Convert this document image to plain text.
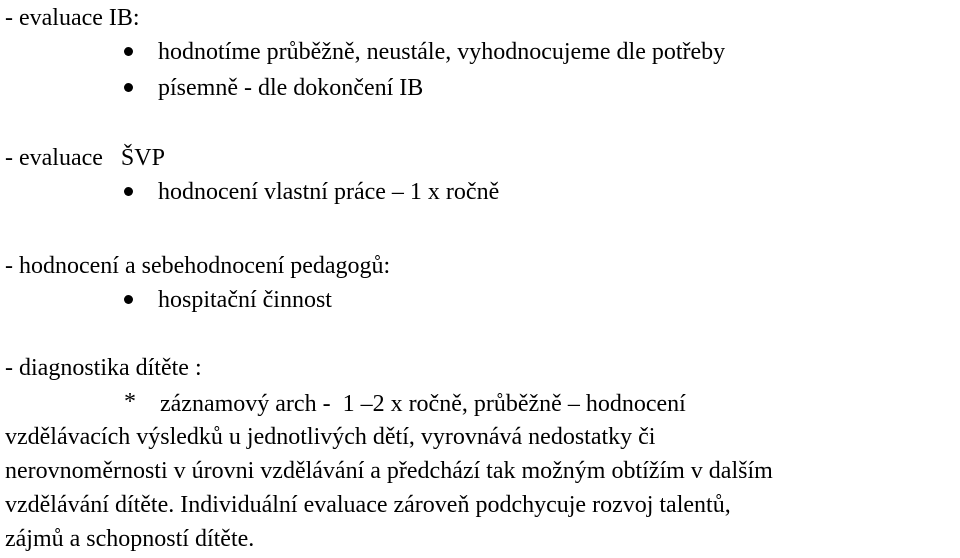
- evaluace IB:
hodnotíme průběžně, neustále, vyhodnocujeme dle potřeby
písemně - dle dokončení IB
- evaluace   ŠVP
hodnocení vlastní práce – 1 x ročně
- hodnocení a sebehodnocení pedagogů:
hospitační činnost
- diagnostika dítěte :
* záznamový arch -  1 –2 x ročně, průběžně – hodnocení
vzdělávacích výsledků u jednotlivých dětí, vyrovnává nedostatky či
nerovnoměrnosti v úrovni vzdělávání a předchází tak možným obtížím v dalším
vzdělávání dítěte. Individuální evaluace zároveň podchycuje rozvoj talentů,
zájmů a schopností dítěte.
